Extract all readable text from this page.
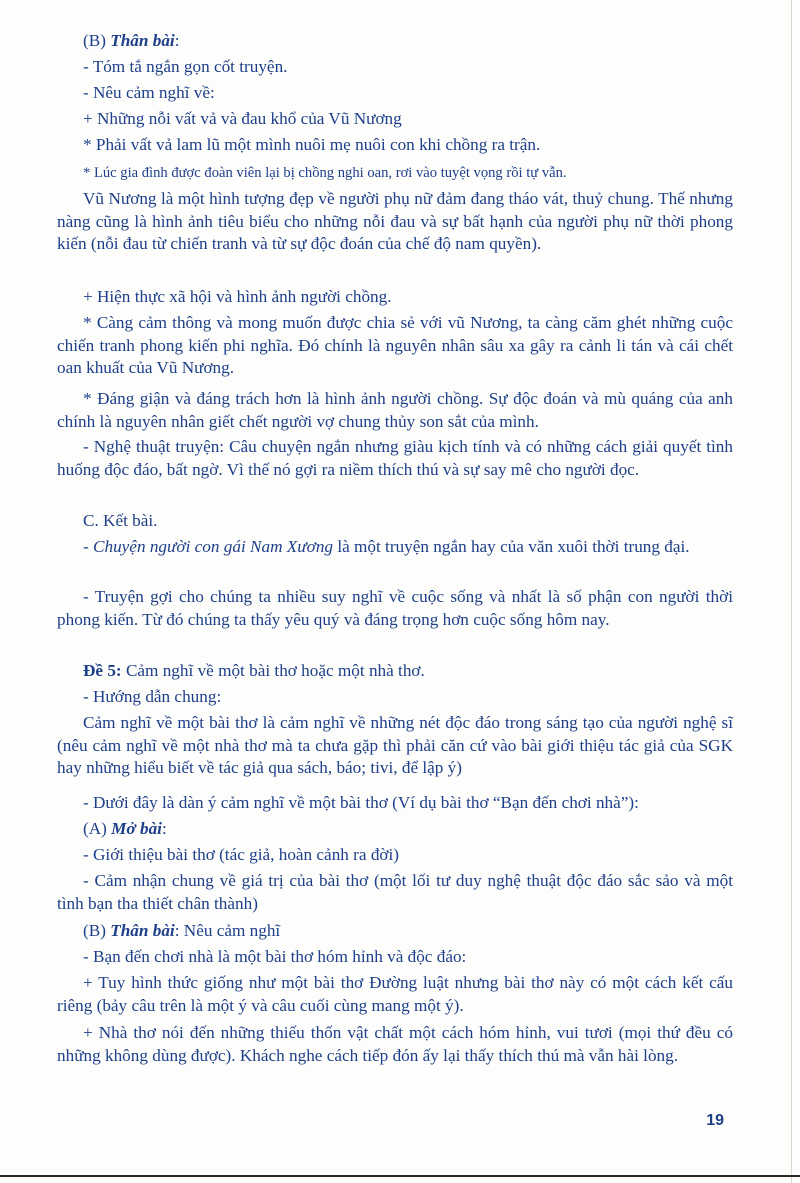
(B) Thân bài:

- Tóm tắ ngắn gọn cốt truyện.

- Nêu cảm nghĩ về:

+ Những nỗi vất vả và đau khổ của Vũ Nương

* Phải vất vả lam lũ một mình nuôi mẹ nuôi con khi chồng ra trận.

* Lúc gia đình được đoàn viên lại bị chồng nghi oan, rơi vào tuyệt vọng rồi tự vẫn.

Vũ Nương là một hình tượng đẹp về người phụ nữ đảm đang tháo vát, thuỷ chung. Thế nhưng nàng cũng là hình ảnh tiêu biểu cho những nỗi đau và sự bất hạnh của người phụ nữ thời phong kiến (nỗi đau từ chiến tranh và từ sự độc đoán của chế độ nam quyền).

+ Hiện thực xã hội và hình ảnh người chồng.

* Càng cảm thông và mong muốn được chia sẻ với vũ Nương, ta càng căm ghét những cuộc chiến tranh phong kiến phi nghĩa. Đó chính là nguyên nhân sâu xa gây ra cảnh li tán và cái chết oan khuất của Vũ Nương.

* Đáng giận và đáng trách hơn là hình ảnh người chồng. Sự độc đoán và mù quáng của anh chính là nguyên nhân giết chết người vợ chung thủy son sắt của mình.

- Nghệ thuật truyện: Câu chuyện ngắn nhưng giàu kịch tính và có những cách giải quyết tình huống độc đáo, bất ngờ. Vì thế nó gợi ra niềm thích thú và sự say mê cho người đọc.

C. Kết bài.

- Chuyện người con gái Nam Xương là một truyện ngắn hay của văn xuôi thời trung đại.

- Truyện gợi cho chúng ta nhiều suy nghĩ về cuộc sống và nhất là số phận con người thời phong kiến. Từ đó chúng ta thấy yêu quý và đáng trọng hơn cuộc sống hôm nay.

Đề 5: Cảm nghĩ về một bài thơ hoặc một nhà thơ.

- Hướng dẫn chung:

Cảm nghĩ về một bài thơ là cảm nghĩ về những nét độc đáo trong sáng tạo của người nghệ sĩ (nêu cảm nghĩ về một nhà thơ mà ta chưa gặp thì phải căn cứ vào bài giới thiệu tác giả của SGK hay những hiểu biết về tác giả qua sách, báo; tivi, để lập ý)

- Dưới đây là dàn ý cảm nghĩ về một bài thơ (Ví dụ bài thơ “Bạn đến chơi nhà”):

(A) Mở bài:

- Giới thiệu bài thơ (tác giả, hoàn cảnh ra đời)

- Cảm nhận chung về giá trị của bài thơ (một lối tư duy nghệ thuật độc đáo sắc sảo và một tình bạn tha thiết chân thành)

(B) Thân bài: Nêu cảm nghĩ

- Bạn đến chơi nhà là một bài thơ hóm hỉnh và độc đáo:

+ Tuy hình thức giống như một bài thơ Đường luật nhưng bài thơ này có một cách kết cấu riêng (bảy câu trên là một ý và câu cuối cùng mang một ý).

+ Nhà thơ nói đến những thiếu thốn vật chất một cách hóm hỉnh, vui tươi (mọi thứ đều có những không dùng được). Khách nghe cách tiếp đón ấy lại thấy thích thú mà vẫn hài lòng.

19
